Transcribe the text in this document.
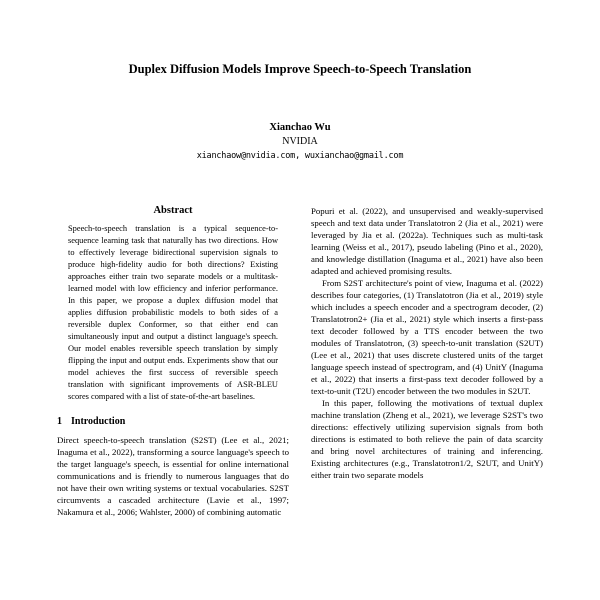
Duplex Diffusion Models Improve Speech-to-Speech Translation
Xianchao Wu
NVIDIA
xianchaow@nvidia.com, wuxianchao@gmail.com
Abstract

Speech-to-speech translation is a typical sequence-to-sequence learning task that naturally has two directions. How to effectively leverage bidirectional supervision signals to produce high-fidelity audio for both directions? Existing approaches either train two separate models or a multitask-learned model with low efficiency and inferior performance. In this paper, we propose a duplex diffusion model that applies diffusion probabilistic models to both sides of a reversible duplex Conformer, so that either end can simultaneously input and output a distinct language's speech. Our model enables reversible speech translation by simply flipping the input and output ends. Experiments show that our model achieves the first success of reversible speech translation with significant improvements of ASR-BLEU scores compared with a list of state-of-the-art baselines.

1 Introduction

Direct speech-to-speech translation (S2ST) (Lee et al., 2021; Inaguma et al., 2022), transforming a source language's speech to the target language's speech, is essential for online international communications and is friendly to numerous languages that do not have their own writing systems or textual vocabularies. S2ST circumvents a cascaded architecture (Lavie et al., 1997; Nakamura et al., 2006; Wahlster, 2000) of combining automatic

Popuri et al. (2022), and unsupervised and weakly-supervised speech and text data under Translatotron 2 (Jia et al., 2021) were leveraged by Jia et al. (2022a). Techniques such as multi-task learning (Weiss et al., 2017), pseudo labeling (Pino et al., 2020), and knowledge distillation (Inaguma et al., 2021) have also been adapted and achieved promising results.

From S2ST architecture's point of view, Inaguma et al. (2022) describes four categories, (1) Translatotron (Jia et al., 2019) style which includes a speech encoder and a spectrogram decoder, (2) Translatotron2+ (Jia et al., 2021) style which inserts a first-pass text decoder followed by a TTS encoder between the two modules of Translatotron, (3) speech-to-unit translation (S2UT) (Lee et al., 2021) that uses discrete clustered units of the target language speech instead of spectrogram, and (4) UnitY (Inaguma et al., 2022) that inserts a first-pass text decoder followed by a text-to-unit (T2U) encoder between the two modules in S2UT.

In this paper, following the motivations of textual duplex machine translation (Zheng et al., 2021), we leverage S2ST's two directions: effectively utilizing supervision signals from both directions is estimated to both relieve the pain of data scarcity and bring novel architectures of training and inferencing. Existing architectures (e.g., Translatotron1/2, S2UT, and UnitY) either train two separate models
